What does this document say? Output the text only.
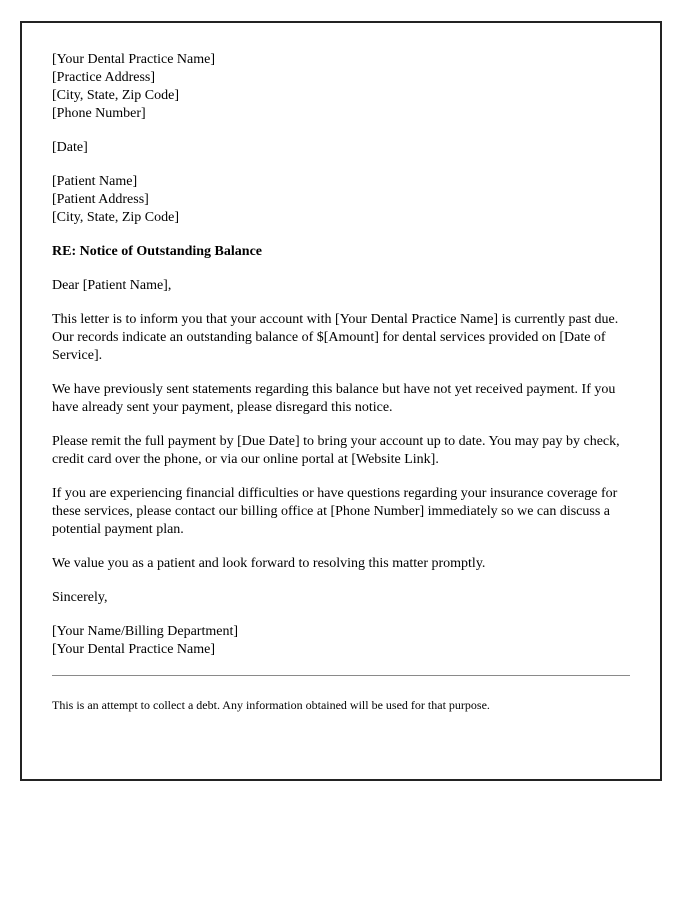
[Your Dental Practice Name]
[Practice Address]
[City, State, Zip Code]
[Phone Number]
[Date]
[Patient Name]
[Patient Address]
[City, State, Zip Code]
RE: Notice of Outstanding Balance
Dear [Patient Name],
This letter is to inform you that your account with [Your Dental Practice Name] is currently past due. Our records indicate an outstanding balance of $[Amount] for dental services provided on [Date of Service].
We have previously sent statements regarding this balance but have not yet received payment. If you have already sent your payment, please disregard this notice.
Please remit the full payment by [Due Date] to bring your account up to date. You may pay by check, credit card over the phone, or via our online portal at [Website Link].
If you are experiencing financial difficulties or have questions regarding your insurance coverage for these services, please contact our billing office at [Phone Number] immediately so we can discuss a potential payment plan.
We value you as a patient and look forward to resolving this matter promptly.
Sincerely,
[Your Name/Billing Department]
[Your Dental Practice Name]
This is an attempt to collect a debt. Any information obtained will be used for that purpose.
